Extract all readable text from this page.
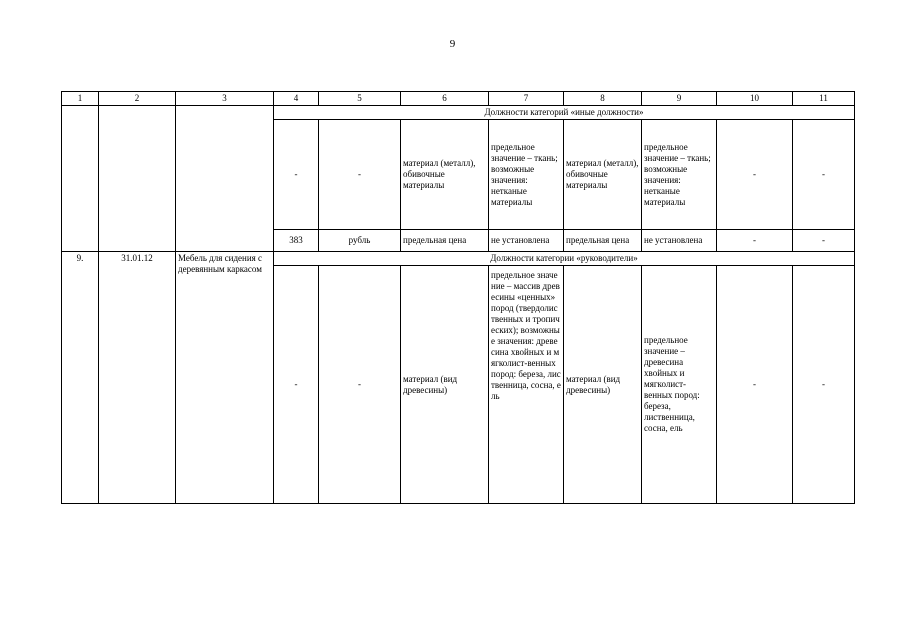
9
1	2	3	4	5	6	7	8	9	10	11
			Должности категорий «иные должности»							
			-	-	материал (металл), обивочные материалы	предельное значение – ткань; возможные значения: нетканые материалы	материал (металл), обивочные материалы	предельное значение – ткань; возможные значения: нетканые материалы	-	-
			383	рубль	предельная цена	не установлена	предельная цена	не установлена	-	-
9.	31.01.12	Мебель для сидения с деревянным каркасом	Должности категории «руководители»							
			-	-	материал (вид древесины)	предельное значение – массив древесины «ценных» пород (твердолиственных и тропических); возможные значения: древесина хвойных и мягколист-венных пород: береза, лиственница, сосна, ель	материал (вид древесины)	предельное значение – древесина хвойных и мягколист-венных пород: береза, лиственница, сосна, ель	-	-
